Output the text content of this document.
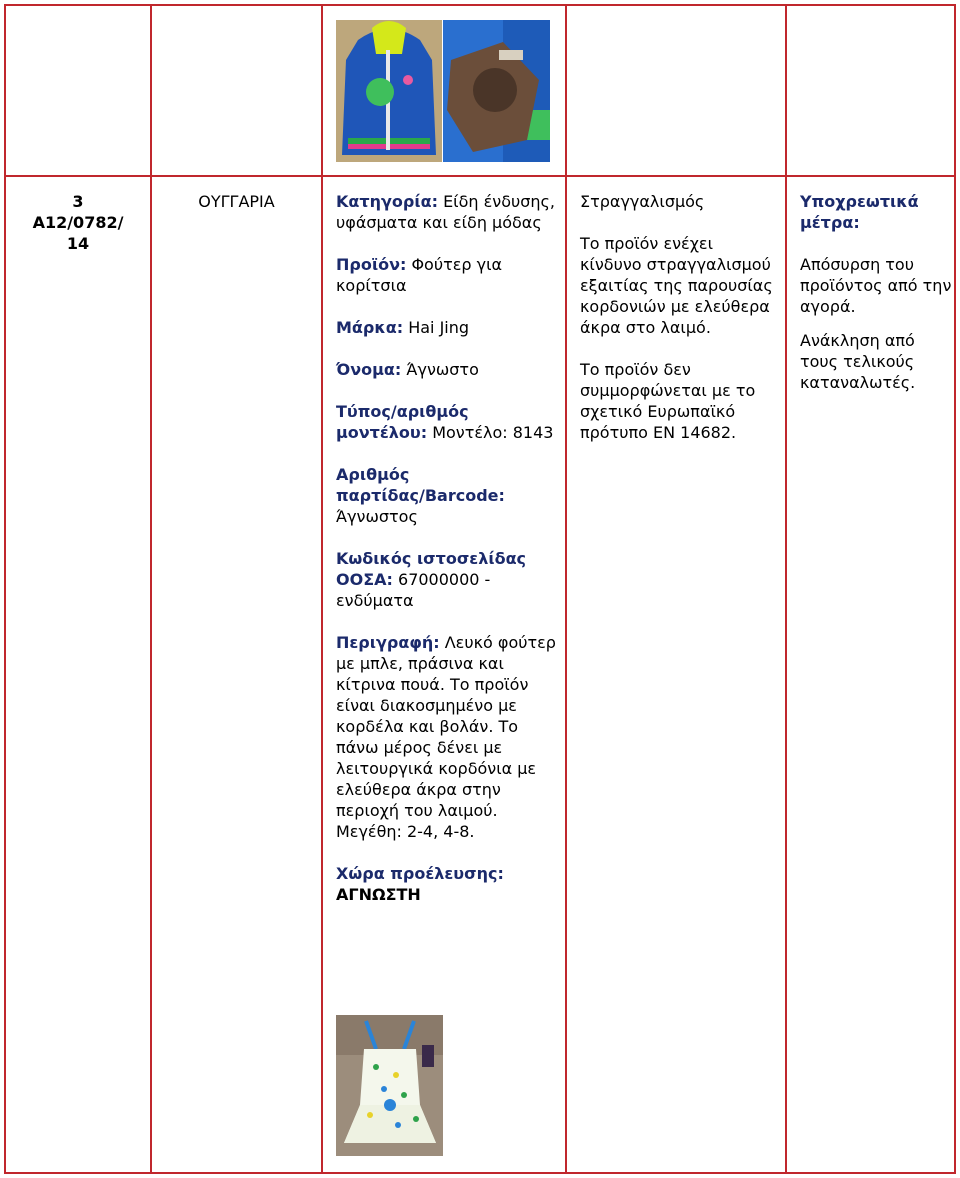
3
A12/0782/
14
ΟΥΓΓΑΡΙΑ	Κατηγορία: Είδη ένδυσης, υφάσματα και είδη μόδας

Προϊόν: Φούτερ για κορίτσια

Μάρκα: Hai Jing

Όνομα: Άγνωστο

Τύπος/αριθμός μοντέλου: Μοντέλο: 8143

Αριθμός παρτίδας/Barcode: Άγνωστος

Κωδικός ιστοσελίδας ΟΟΣΑ: 67000000 - ενδύματα

Περιγραφή: Λευκό φούτερ με μπλε, πράσινα και κίτρινα πουά. Το προϊόν είναι διακοσμημένο με κορδέλα και βολάν. Το πάνω μέρος δένει με λειτουργικά κορδόνια με ελεύθερα άκρα στην περιοχή του λαιμού. Μεγέθη: 2-4, 4-8.

Χώρα προέλευσης:
ΑΓΝΩΣΤΗ

Στραγγαλισμός

Το προϊόν ενέχει κίνδυνο στραγγαλισμού εξαιτίας της παρουσίας κορδονιών με ελεύθερα άκρα στο λαιμό.

Το προϊόν δεν συμμορφώνεται με το σχετικό Ευρωπαϊκό πρότυπο EN 14682.

Υποχρεωτικά μέτρα:

Απόσυρση του προϊόντος από την αγορά.

Ανάκληση από τους τελικούς καταναλωτές.
